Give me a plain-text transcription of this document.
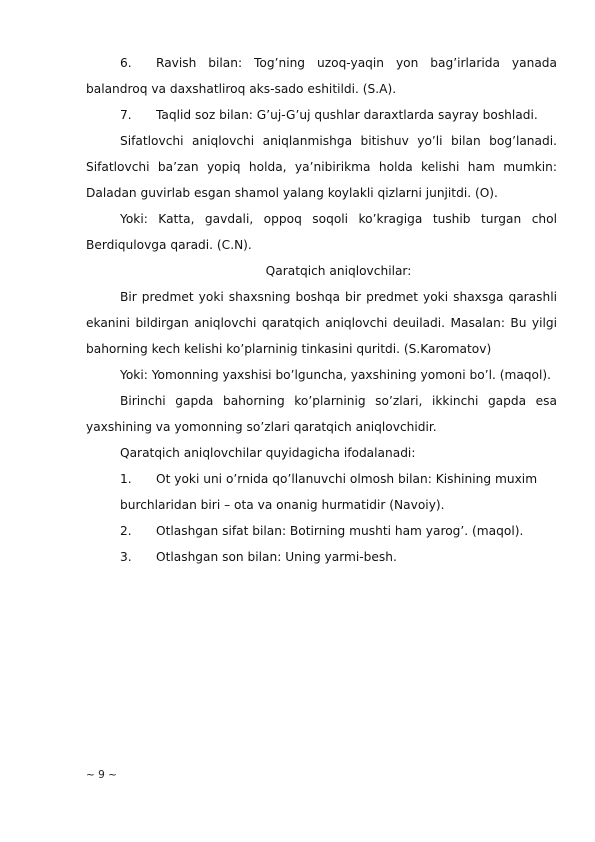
6. Ravish bilan: Tog’ning uzoq-yaqin yon bag’irlarida yanada balandroq va daxshatliroq aks-sado eshitildi. (S.A).

7. Taqlid soz bilan: G’uj-G’uj qushlar daraxtlarda sayray boshladi.

Sifatlovchi aniqlovchi aniqlanmishga bitishuv yo’li bilan bog’lanadi. Sifatlovchi ba’zan yopiq holda, ya’nibirikma holda kelishi ham mumkin: Daladan guvirlab esgan shamol yalang koylakli qizlarni junjitdi. (O).

Yoki: Katta, gavdali, oppoq soqoli ko’kragiga tushib turgan chol Berdiqulovga qaradi. (C.N).

Qaratqich aniqlovchilar:

Bir predmet yoki shaxsning boshqa bir predmet yoki shaxsga qarashli ekanini bildirgan aniqlovchi qaratqich aniqlovchi deuiladi. Masalan: Bu yilgi bahorning kech kelishi ko’plarninig tinkasini quritdi. (S.Karomatov)

Yoki: Yomonning yaxshisi bo’lguncha, yaxshining yomoni bo’l. (maqol).

Birinchi gapda bahorning ko’plarninig so’zlari, ikkinchi gapda esa yaxshining va yomonning so’zlari qaratqich aniqlovchidir.

Qaratqich aniqlovchilar quyidagicha ifodalanadi:

1. Ot yoki uni o’rnida qo’llanuvchi olmosh bilan: Kishining muxim

burchlaridan biri – ota va onanig hurmatidir (Navoiy).

2. Otlashgan sifat bilan: Botirning mushti ham yarog’. (maqol).

3. Otlashgan son bilan: Uning yarmi-besh.

~ 9 ~
